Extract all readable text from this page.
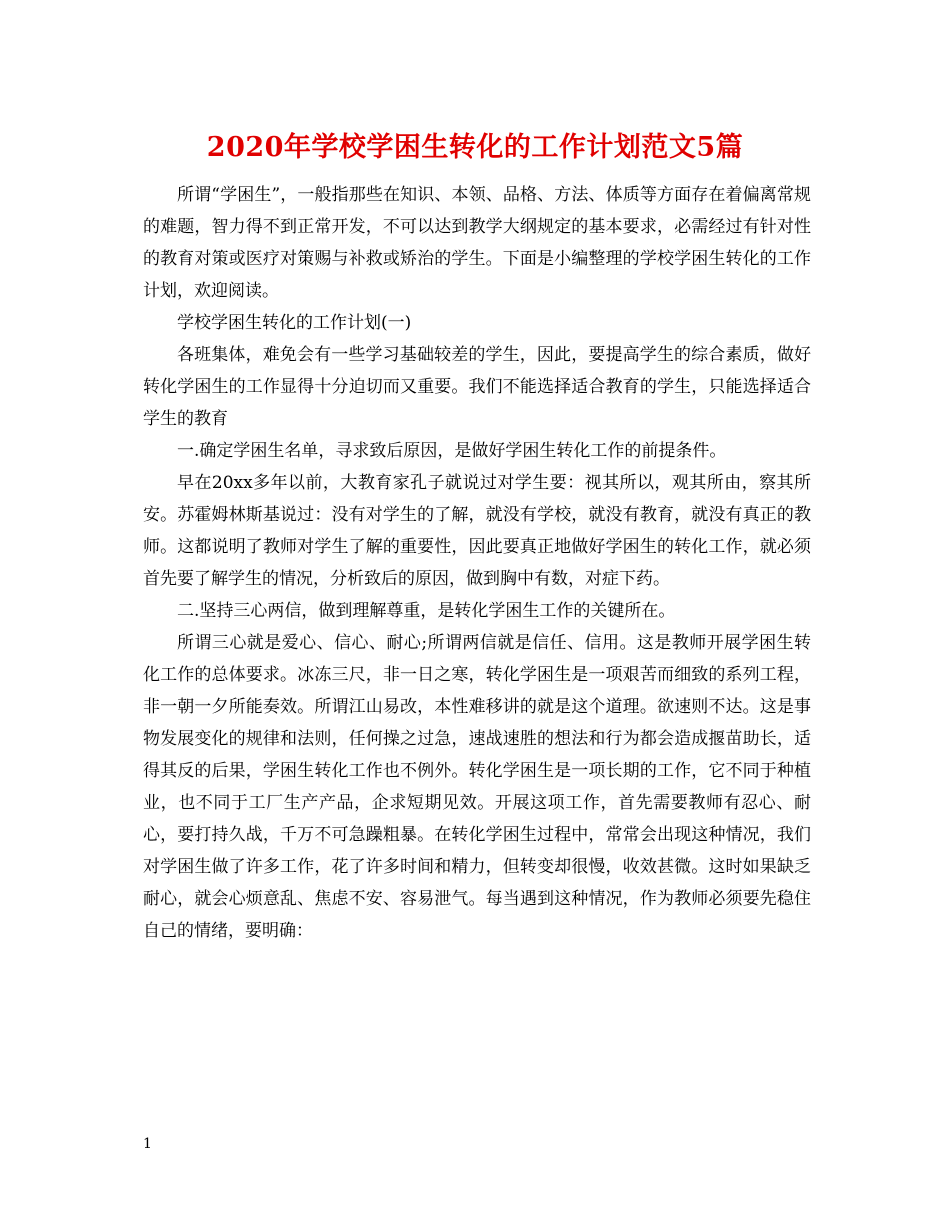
2020年学校学困生转化的工作计划范文5篇

所谓“学困生”，一般指那些在知识、本领、品格、方法、体质等方面存在着偏离常规的难题，智力得不到正常开发，不可以达到教学大纲规定的基本要求，必需经过有针对性的教育对策或医疗对策赐与补救或矫治的学生。下面是小编整理的学校学困生转化的工作计划，欢迎阅读。

学校学困生转化的工作计划(一)

各班集体，难免会有一些学习基础较差的学生，因此，要提高学生的综合素质，做好转化学困生的工作显得十分迫切而又重要。我们不能选择适合教育的学生，只能选择适合学生的教育

一.确定学困生名单，寻求致后原因，是做好学困生转化工作的前提条件。

早在20xx多年以前，大教育家孔子就说过对学生要：视其所以，观其所由，察其所安。苏霍姆林斯基说过：没有对学生的了解，就没有学校，就没有教育，就没有真正的教师。这都说明了教师对学生了解的重要性，因此要真正地做好学困生的转化工作，就必须首先要了解学生的情况，分析致后的原因，做到胸中有数，对症下药。

二.坚持三心两信，做到理解尊重，是转化学困生工作的关键所在。

所谓三心就是爱心、信心、耐心;所谓两信就是信任、信用。这是教师开展学困生转化工作的总体要求。冰冻三尺，非一日之寒，转化学困生是一项艰苦而细致的系列工程，非一朝一夕所能奏效。所谓江山易改，本性难移讲的就是这个道理。欲速则不达。这是事物发展变化的规律和法则，任何操之过急，速战速胜的想法和行为都会造成揠苗助长，适得其反的后果，学困生转化工作也不例外。转化学困生是一项长期的工作，它不同于种植业，也不同于工厂生产产品，企求短期见效。开展这项工作，首先需要教师有忍心、耐心，要打持久战，千万不可急躁粗暴。在转化学困生过程中，常常会出现这种情况，我们对学困生做了许多工作，花了许多时间和精力，但转变却很慢，收效甚微。这时如果缺乏耐心，就会心烦意乱、焦虑不安、容易泄气。每当遇到这种情况，作为教师必须要先稳住自己的情绪，要明确：

1
